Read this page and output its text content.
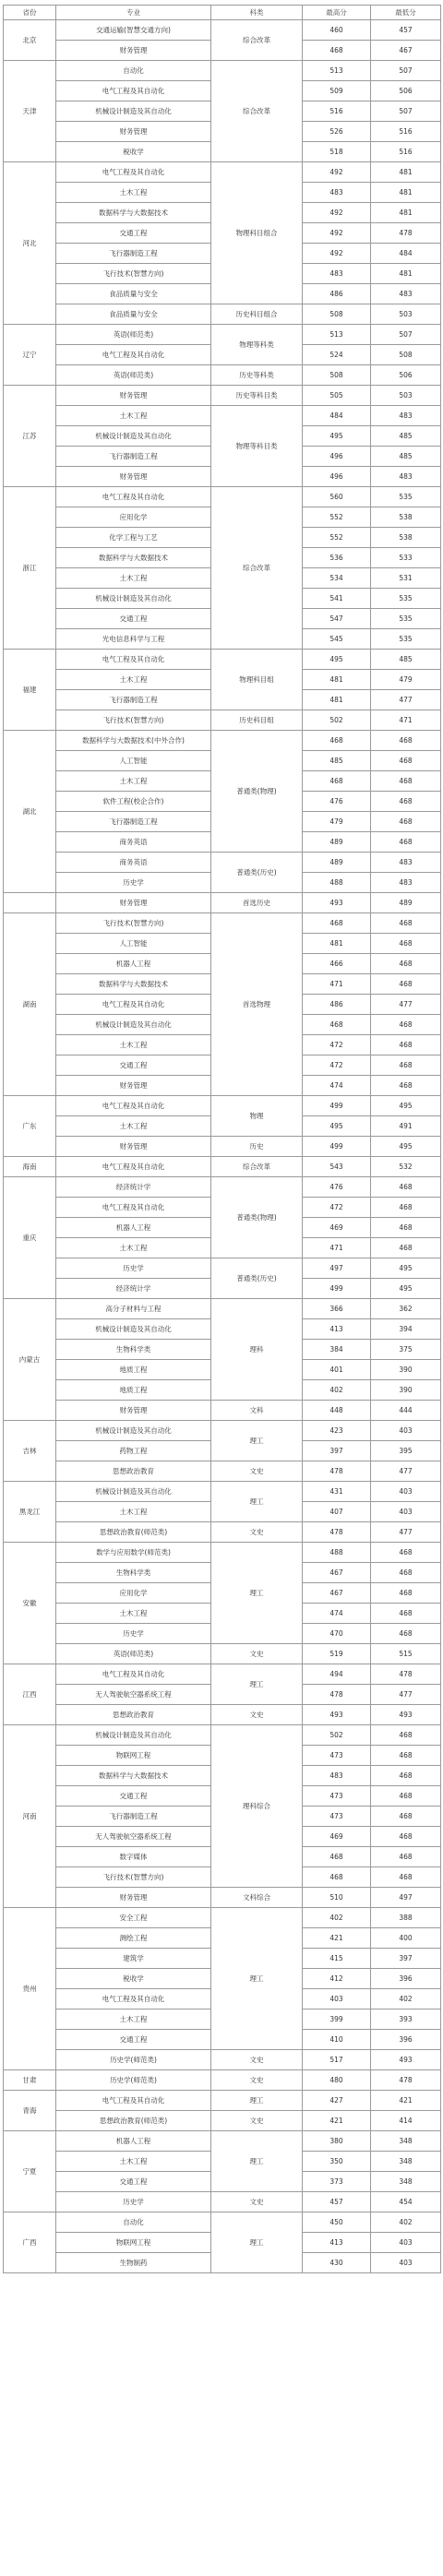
省份	专业	科类	最高分	最低分
北京	交通运输(智慧交通方向)	综合改革	460	457
	财务管理		468	467
天津	自动化	综合改革	513	507
	电气工程及其自动化		509	506
	机械设计制造及其自动化		516	507
	财务管理		526	516
	税收学		518	516
河北	电气工程及其自动化	物理科目组合	492	481
	土木工程		483	481
	数据科学与大数据技术		492	481
	交通工程		492	478
	飞行器制造工程		492	484
	飞行技术(智慧方向)		483	481
	食品质量与安全		486	483
	食品质量与安全	历史科目组合	508	503
辽宁	英语(师范类)	物理等科类	513	507
	电气工程及其自动化		524	508
	英语(师范类)	历史等科类	508	506
江苏	财务管理	历史等科目类	505	503
	土木工程	物理等科目类	484	483
	机械设计制造及其自动化		495	485
	飞行器制造工程		496	485
	财务管理		496	483
浙江	电气工程及其自动化	综合改革	560	535
	应用化学		552	538
	化学工程与工艺		552	538
	数据科学与大数据技术		536	533
	土木工程		534	531
	机械设计制造及其自动化		541	535
	交通工程		547	535
	光电信息科学与工程		545	535
福建	电气工程及其自动化	物理科目组	495	485
	土木工程		481	479
	飞行器制造工程		481	477
	飞行技术(智慧方向)	历史科目组	502	471
湖北	数据科学与大数据技术(中外合作)	普通类(物理)	468	468
	人工智能		485	468
	土木工程		468	468
	软件工程(校企合作)		476	468
	飞行器制造工程		479	468
	商务英语		489	468
	商务英语	普通类(历史)	489	483
	历史学		488	483
	财务管理	首选历史	493	489
湖南	飞行技术(智慧方向)	首选物理	468	468
	人工智能		481	468
	机器人工程		466	468
	数据科学与大数据技术		471	468
	电气工程及其自动化		486	477
	机械设计制造及其自动化		468	468
	土木工程		472	468
	交通工程		472	468
	财务管理		474	468
广东	电气工程及其自动化	物理	499	495
	土木工程		495	491
	财务管理	历史	499	495
海南	电气工程及其自动化	综合改革	543	532
重庆	经济统计学	普通类(物理)	476	468
	电气工程及其自动化		472	468
	机器人工程		469	468
	土木工程		471	468
	历史学	普通类(历史)	497	495
	经济统计学		499	495
内蒙古	高分子材料与工程	理科	366	362
	机械设计制造及其自动化		413	394
	生物科学类		384	375
	地质工程		401	390
	地质工程		402	390
	财务管理	文科	448	444
吉林	机械设计制造及其自动化	理工	423	403
	药物工程		397	395
	思想政治教育	文史	478	477
黑龙江	机械设计制造及其自动化	理工	431	403
	土木工程		407	403
	思想政治教育(师范类)	文史	478	477
安徽	数学与应用数学(师范类)	理工	488	468
	生物科学类		467	468
	应用化学		467	468
	土木工程		474	468
	历史学		470	468
	英语(师范类)	文史	519	515
江西	电气工程及其自动化	理工	494	478
	无人驾驶航空器系统工程		478	477
	思想政治教育	文史	493	493
河南	机械设计制造及其自动化	理科综合	502	468
	物联网工程		473	468
	数据科学与大数据技术		483	468
	交通工程		473	468
	飞行器制造工程		473	468
	无人驾驶航空器系统工程		469	468
	数字媒体		468	468
	飞行技术(智慧方向)		468	468
	财务管理	文科综合	510	497
贵州	安全工程	理工	402	388
	测绘工程		421	400
	建筑学		415	397
	税收学		412	396
	电气工程及其自动化		403	402
	土木工程		399	393
	交通工程		410	396
	历史学(师范类)	文史	517	493
甘肃	历史学(师范类)	文史	480	478
青海	电气工程及其自动化	理工	427	421
	思想政治教育(师范类)	文史	421	414
宁夏	机器人工程	理工	380	348
	土木工程		350	348
	交通工程		373	348
	历史学	文史	457	454
广西	自动化	理工	450	402
	物联网工程		413	403
	生物制药		430	403
